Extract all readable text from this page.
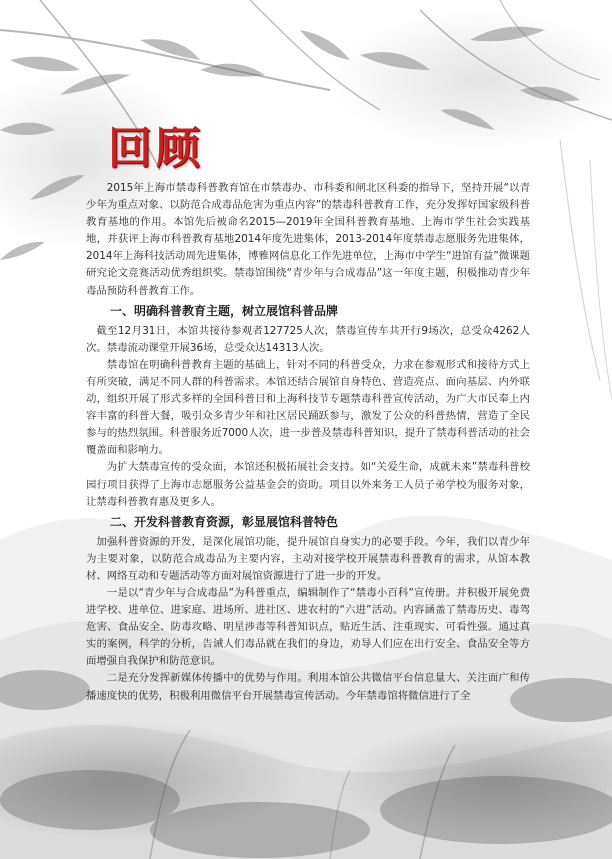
回顾

2015年上海市禁毒科普教育馆在市禁毒办、市科委和闸北区科委的指导下，坚持开展“以青少年为重点对象、以防范合成毒品危害为重点内容”的禁毒科普教育工作，充分发挥好国家级科普教育基地的作用。本馆先后被命名2015—2019年全国科普教育基地、上海市学生社会实践基地，并获评上海市科普教育基地2014年度先进集体，2013-2014年度禁毒志愿服务先进集体，2014年上海科技活动周先进集体，博雅网信息化工作先进单位，上海市中学生“进馆有益”微课题研究论文竞赛活动优秀组织奖。禁毒馆围绕“青少年与合成毒品”这一年度主题，积极推动青少年毒品预防科普教育工作。

一、明确科普教育主题，树立展馆科普品牌

截至12月31日，本馆共接待参观者127725人次，禁毒宣传车共开行9场次，总受众4262人次。禁毒流动课堂开展36场，总受众达14313人次。

禁毒馆在明确科普教育主题的基础上，针对不同的科普受众，力求在参观形式和接待方式上有所突破，满足不同人群的科普需求。本馆还结合展馆自身特色、营造亮点、面向基层、内外联动，组织开展了形式多样的全国科普日和上海科技节专题禁毒科普宣传活动，为广大市民奉上内容丰富的科普大餐，吸引众多青少年和社区居民踊跃参与，激发了公众的科普热情，营造了全民参与的热烈氛围。科普服务近7000人次，进一步普及禁毒科普知识，提升了禁毒科普活动的社会覆盖面和影响力。

为扩大禁毒宣传的受众面，本馆还积极拓展社会支持。如“关爱生命，成就未来”禁毒科普校园行项目获得了上海市志愿服务公益基金会的资助。项目以外来务工人员子弟学校为服务对象，让禁毒科普教育惠及更多人。

二、开发科普教育资源，彰显展馆科普特色

加强科普资源的开发，是深化展馆功能，提升展馆自身实力的必要手段。今年，我们以青少年为主要对象，以防范合成毒品为主要内容，主动对接学校开展禁毒科普教育的需求，从馆本教材、网络互动和专题活动等方面对展馆资源进行了进一步的开发。

一是以“青少年与合成毒品”为科普重点，编辑制作了“禁毒小百科”宣传册。并积极开展免费进学校、进单位、进家庭、进场所、进社区、进农村的“六进”活动。内容涵盖了禁毒历史、毒驾危害、食品安全、防毒攻略、明星涉毒等科普知识点，贴近生活、注重现实、可看性强。通过真实的案例，科学的分析，告诫人们毒品就在我们的身边，劝导人们应在出行安全、食品安全等方面增强自我保护和防范意识。

二是充分发挥新媒体传播中的优势与作用。利用本馆公共微信平台信息量大、关注面广和传播速度快的优势，积极利用微信平台开展禁毒宣传活动。今年禁毒馆将微信进行了全
